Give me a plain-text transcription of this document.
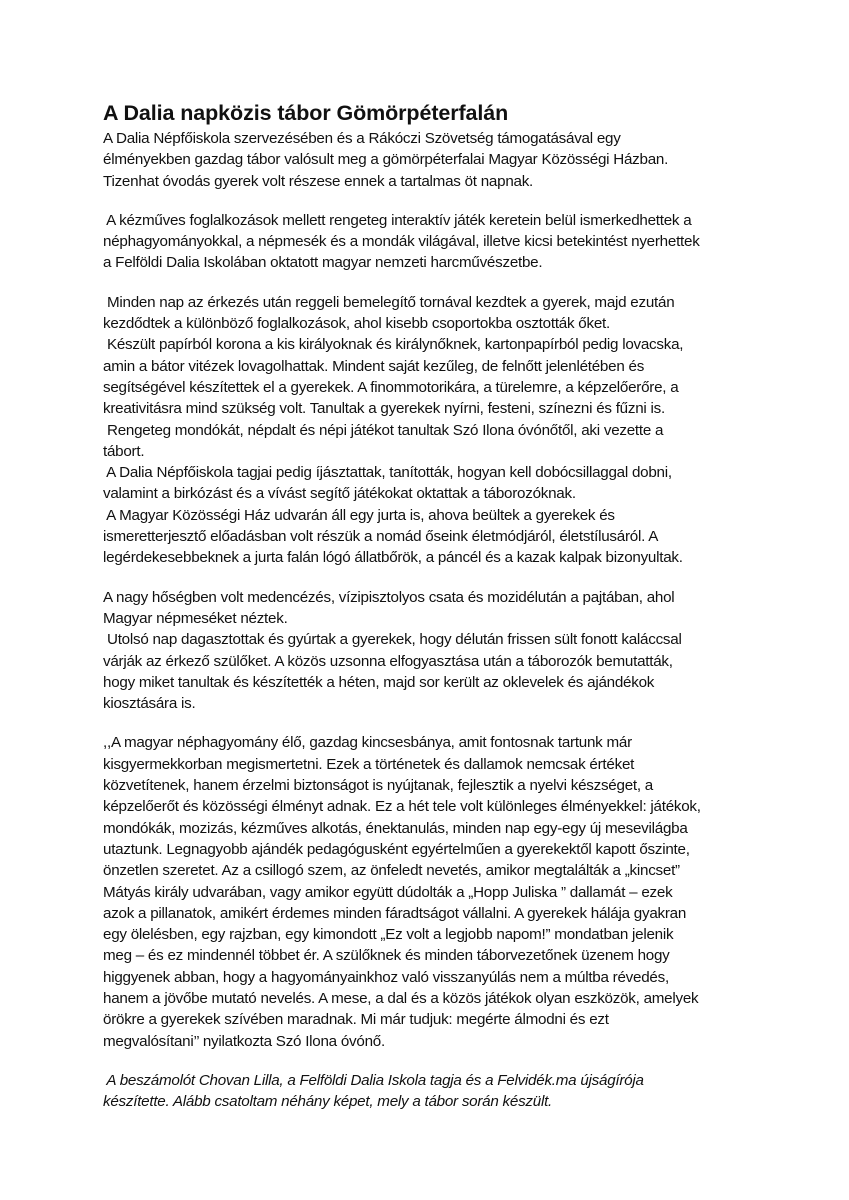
A Dalia napközis tábor Gömörpéterfalán

A Dalia Népfőiskola szervezésében és a Rákóczi Szövetség támogatásával egy
élményekben gazdag tábor valósult meg a gömörpéterfalai Magyar Közösségi Házban.
Tizenhat óvodás gyerek volt részese ennek a tartalmas öt napnak.

A kézműves foglalkozások mellett rengeteg interaktív játék keretein belül ismerkedhettek a
néphagyományokkal, a népmesék és a mondák világával, illetve kicsi betekintést nyerhettek
a Felföldi Dalia Iskolában oktatott magyar nemzeti harcművészetbe.

Minden nap az érkezés után reggeli bemelegítő tornával kezdtek a gyerek, majd ezután
kezdődtek a különböző foglalkozások, ahol kisebb csoportokba osztották őket.
Készült papírból korona a kis királyoknak és királynőknek, kartonpapírból pedig lovacska,
amin a bátor vitézek lovagolhattak. Mindent saját kezűleg, de felnőtt jelenlétében és
segítségével készítettek el a gyerekek. A finommotorikára, a türelemre, a képzelőerőre, a
kreativitásra mind szükség volt. Tanultak a gyerekek nyírni, festeni, színezni és fűzni is.
Rengeteg mondókát, népdalt és népi játékot tanultak Szó Ilona óvónőtől, aki vezette a
tábort.
A Dalia Népfőiskola tagjai pedig íjásztattak, tanították, hogyan kell dobócsillaggal dobni,
valamint a birkózást és a vívást segítő játékokat oktattak a táborozóknak.
A Magyar Közösségi Ház udvarán áll egy jurta is, ahova beültek a gyerekek és
ismeretterjesztő előadásban volt részük a nomád őseink életmódjáról, életstílusáról. A
legérdekesebbeknek a jurta falán lógó állatbőrök, a páncél és a kazak kalpak bizonyultak.

A nagy hőségben volt medencézés, vízipisztolyos csata és mozidélután a pajtában, ahol
Magyar népmeséket néztek.
Utolsó nap dagasztottak és gyúrtak a gyerekek, hogy délután frissen sült fonott kaláccsal
várják az érkező szülőket. A közös uzsonna elfogyasztása után a táborozók bemutatták,
hogy miket tanultak és készítették a héten, majd sor került az oklevelek és ajándékok
kiosztására is.

,,A magyar néphagyomány élő, gazdag kincsesbánya, amit fontosnak tartunk már
kisgyermekkorban megismertetni. Ezek a történetek és dallamok nemcsak értéket
közvetítenek, hanem érzelmi biztonságot is nyújtanak, fejlesztik a nyelvi készséget, a
képzelőerőt és közösségi élményt adnak. Ez a hét tele volt különleges élményekkel: játékok,
mondókák, mozizás, kézműves alkotás, énektanulás, minden nap egy-egy új mesevilágba
utaztunk. Legnagyobb ajándék pedagógusként egyértelműen a gyerekektől kapott őszinte,
önzetlen szeretet. Az a csillogó szem, az önfeledt nevetés, amikor megtalálták a „kincset”
Mátyás király udvarában, vagy amikor együtt dúdolták a „Hopp Juliska ” dallamát – ezek
azok a pillanatok, amikért érdemes minden fáradtságot vállalni. A gyerekek hálája gyakran
egy ölelésben, egy rajzban, egy kimondott „Ez volt a legjobb napom!” mondatban jelenik
meg – és ez mindennél többet ér. A szülőknek és minden táborvezetőnek üzenem hogy
higgyenek abban, hogy a hagyományainkhoz való visszanyúlás nem a múltba révedés,
hanem a jövőbe mutató nevelés. A mese, a dal és a közös játékok olyan eszközök, amelyek
örökre a gyerekek szívében maradnak. Mi már tudjuk: megérte álmodni és ezt
megvalósítani’’ nyilatkozta Szó Ilona óvónő.

A beszámolót Chovan Lilla, a Felföldi Dalia Iskola tagja és a Felvidék.ma újságírója
készítette. Alább csatoltam néhány képet, mely a tábor során készült.
